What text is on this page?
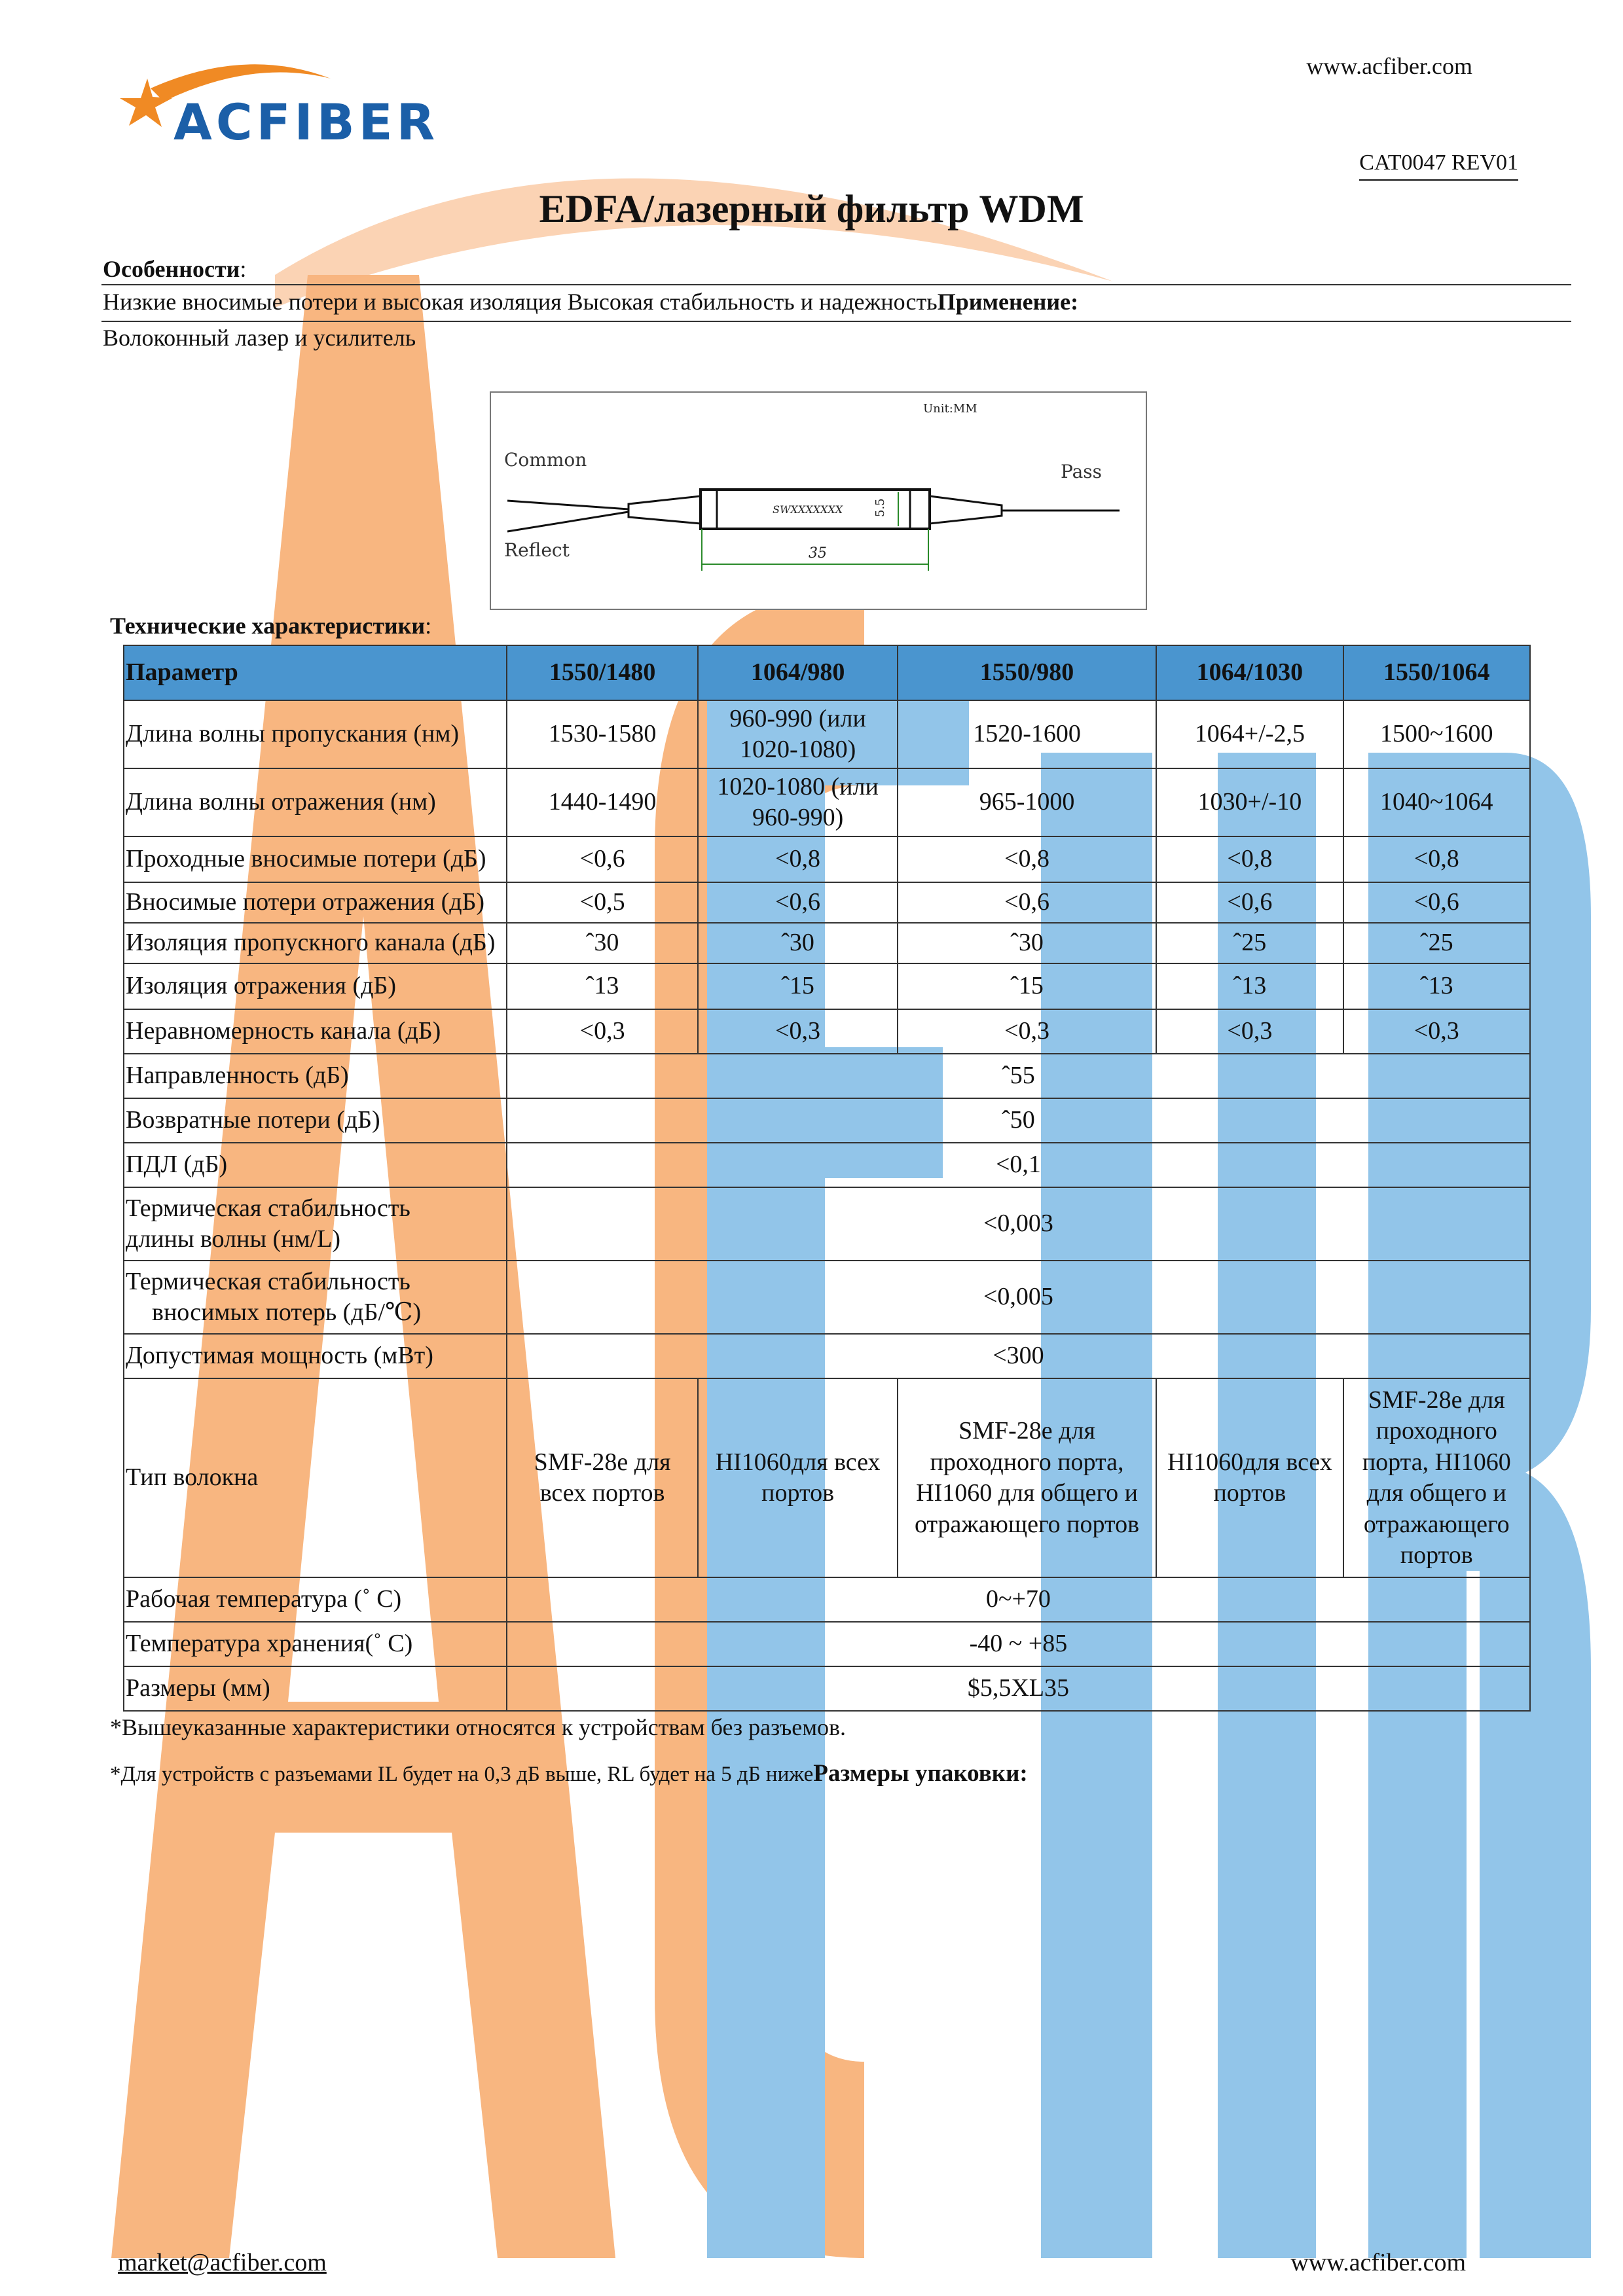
ACFIBER
www.acfiber.com
CAT0047 REV01
EDFA/лазерный фильтр WDM
Особенности:
Низкие вносимые потери и высокая изоляция Высокая стабильность и надежностьПрименение:
Волоконный лазер и усилитель
Unit:MM
Common
Reflect
Pass
SWXXXXXXX	5.5
35
Технические характеристики:
Параметр	1550/1480	1064/980	1550/980	1064/1030	1550/1064
Длина волны пропускания (нм)	1530-1580	960-990 (или 1020-1080)	1520-1600	1064+/-2,5	1500~1600
Длина волны отражения (нм)	1440-1490	1020-1080 (или 960-990)	965-1000	1030+/-10	1040~1064
Проходные вносимые потери (дБ)	<0,6	<0,8	<0,8	<0,8	<0,8
Вносимые потери отражения (дБ)	<0,5	<0,6	<0,6	<0,6	<0,6
Изоляция пропускного канала (дБ)	ˆ30	ˆ30	ˆ30	ˆ25	ˆ25
Изоляция отражения (дБ)	ˆ13	ˆ15	ˆ15	ˆ13	ˆ13
Неравномерность канала (дБ)	<0,3	<0,3	<0,3	<0,3	<0,3
Направленность (дБ)	ˆ55				
Возвратные потери (дБ)	ˆ50				
ПДЛ (дБ)	<0,1				

Термическая стабильность
длины волны (нм/L)	<0,003				

Термическая стабильность
вносимых потерь (дБ/℃)	<0,005				
Допустимая мощность (мВт)	<300				
Тип волокна	SMF-28e для всех портов	HI1060для всех портов	SMF-28e для проходного порта, HI1060 для общего и отражающего портов	HI1060для всех портов	SMF-28e для проходного порта, HI1060 для общего и отражающего портов
Рабочая температура (˚ C)	0~+70				
Температура хранения(˚ C)	-40 ~ +85				
Размеры (мм)	$5,5XL35				
*Вышеуказанные характеристики относятся к устройствам без разъемов.
*Для устройств с разъемами IL будет на 0,3 дБ выше, RL будет на 5 дБ нижеРазмеры упаковки:
market@acfiber.com	www.acfiber.com
